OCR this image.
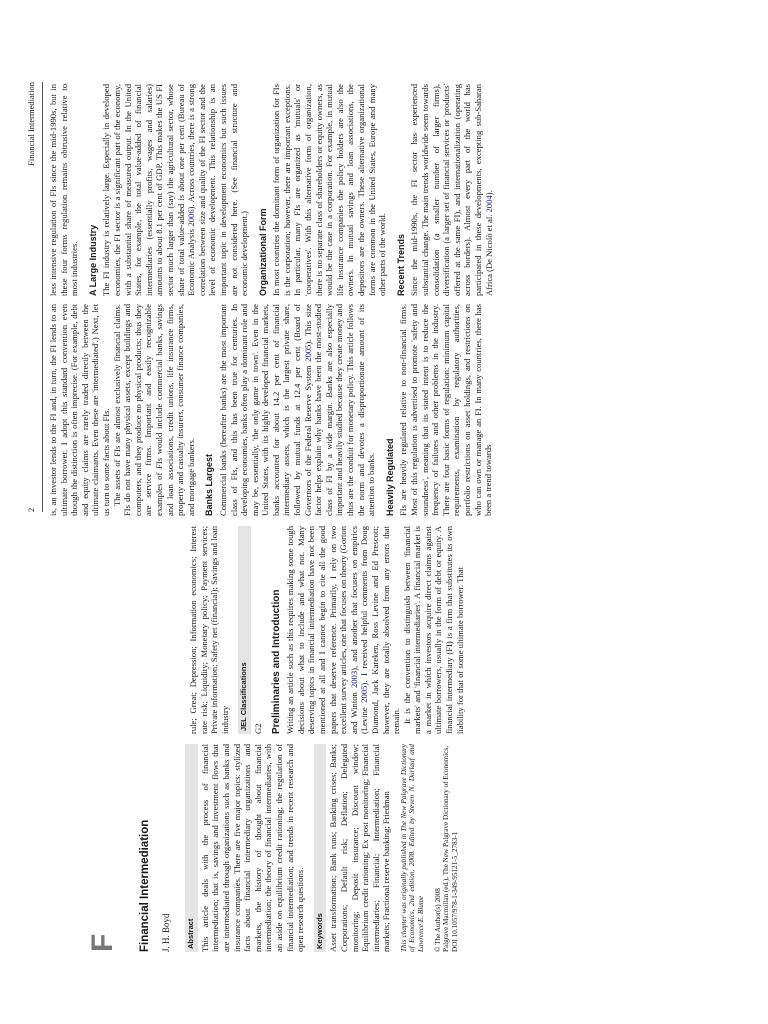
2
Financial Intermediation
F Financial Intermediation J. H. Boyd Abstract This article deals with the process of financial intermediation; that is, savings and investment flows that are intermediated through organizations such as banks and insurance companies. There are five major topics: stylized facts about financial intermediary organizations and markets, the history of thought about financial intermediation; the theory of financial intermediaries, with an aside on equilibrium credit rationing; the regulation of financial intermediation; and trends in recent research and open research questions. Keywords Asset transformation; Bank runs; Banking crises; Banks; Corporations; Default risk; Deflation; Delegated monitoring; Deposit insurance; Discount window; Equilibrium credit rationing; Ex post monitoring; Financial intermediaries; Financial; Intermediation; Financial markets; Fractional reserve banking; Friedman This chapter was originally published in The New Palgrave Dictionary of Economics, 2nd edition, 2008. Edited by Steven N. Durlauf and Lawrence E. Blume © The Author(s) 2008 Palgrave Macmillan (ed.), The New Palgrave Dictionary of Economics, DOI 10.1057/978-1-349-95121-5_2783-1

rule; Great; Depression; Information economics; Interest rate risk; Liquidity; Monetary policy; Payment services; Private information; Safety net (financial); Savings and loan industry JEL Classifications G2 Preliminaries and Introduction Writing an article such as this requires making some tough decisions about what to include and what not. Many deserving topics in financial intermediation have not been mentioned at all and I cannot begin to cite all the good papers that deserve reference. Primarily, I rely on two excellent survey articles, one that focuses on theory (Gorton and Winton 2003), and another that focuses on empirics (Levine 2005). I received helpful comments from Doug Diamond, Jack Kareken, Ross Levine and Ed Prescott; however, they are totally absolved from any errors that remain. It is the convention to distinguish between 'financial markets' and 'financial intermediaries'. A financial market is a market in which investors acquire direct claims against ultimate borrowers, usually in the form of debt or equity. A financial intermediary (FI) is a firm that substitutes its own liability for that of some ultimate borrower. That

is, an investor lends to the FI and, in turn, the FI lends to an ultimate borrower. I adopt this standard convention even though the distinction is often imprecise. (For example, debt and equity claims are rarely traded directly between the ultimate claimants. Even these are 'intermediated'.) Next, let us turn to some facts about FIs. The assets of FIs are almost exclusively financial claims. FIs do not have many physical assets, except buildings and computers, and they produce no physical products; thus they are service firms. Important and easily recognizable examples of FIs would include commercial banks, savings and loan associations, credit unions, life insurance firms, property and casualty insurers, consumer finance companies, and mortgage bankers. Banks Largest Commercial banks (hereafter banks) are the most important class of FIs, and this has been true for centuries. In developing economies, banks often play a dominant role and may be, essentially, 'the only game in town'. Even in the United States, with its highly developed financial markets, banks accounted for about 14.2 per cent of financial intermediary assets, which is the largest private share, followed by mutual funds at 12.4 per cent (Board of Governors of the Federal Reserve System 2005). This size factor helps explain why banks have been the most-studied class of FI by a wide margin. Banks are also especially important and heavily studied because they create money and thus are the conduit for monetary policy. This article follows the norm and devotes a disproportionate amount of its attention to banks. Heavily Regulated FIs are heavily regulated relative to non-financial firms. Most of this regulation is advertised to promote 'safety and soundness', meaning that its stated intent is to reduce the frequency of failures and other problems in the industry. There are four basic forms of regulation: minimum capital requirements, examination by regulatory authorities, portfolio restrictions on asset holdings, and restrictions on who can own or manage an FI. In many countries, there has been a trend towards

less intensive regulation of FIs since the mid-1990s, but in these four forms regulation remains obtrusive relative to most industries. A Large Industry The FI industry is relatively large. Especially in developed economies, the FI sector is a significant part of the economy, with a substantial share of measured output. In the United States, for example, the total value-added of financial intermediaries (essentially profits, wages and salaries) amounts to about 8.1 per cent of GDP. This makes the US FI sector much larger than (say) the agricultural sector, whose share of total value-added is about one per cent (Bureau of Economic Analysis 2006). Across countries, there is a strong correlation between size and quality of the FI sector and the level of economic development. This relationship is an important topic in development economics but such issues are not considered here. (See financial structure and economic development.) Organizational Form In most countries the dominant form of organization for FIs is the corporation; however, there are important exceptions. In particular, many FIs are organized as 'mutuals' or 'cooperatives'. With this alternative form of organization, there is no separate class of shareholders or equity owners, as would be the case in a corporation. For example, in mutual life insurance companies the policy holders are also the owners. In mutual savings and loan associations, the depositors are the owners. These alternative organizational forms are common in the United States, Europe and many other parts of the world. Recent Trends Since the mid-1990s, the FI sector has experienced substantial change. The main trends worldwide seem towards consolidation (a smaller number of larger firms), diversification (a larger set of financial services or 'products' offered at the same FI), and internationalization (operating across borders). Almost every part of the world has participated in these developments, excepting sub-Saharan Africa (De Nicolò et al. 2004).
